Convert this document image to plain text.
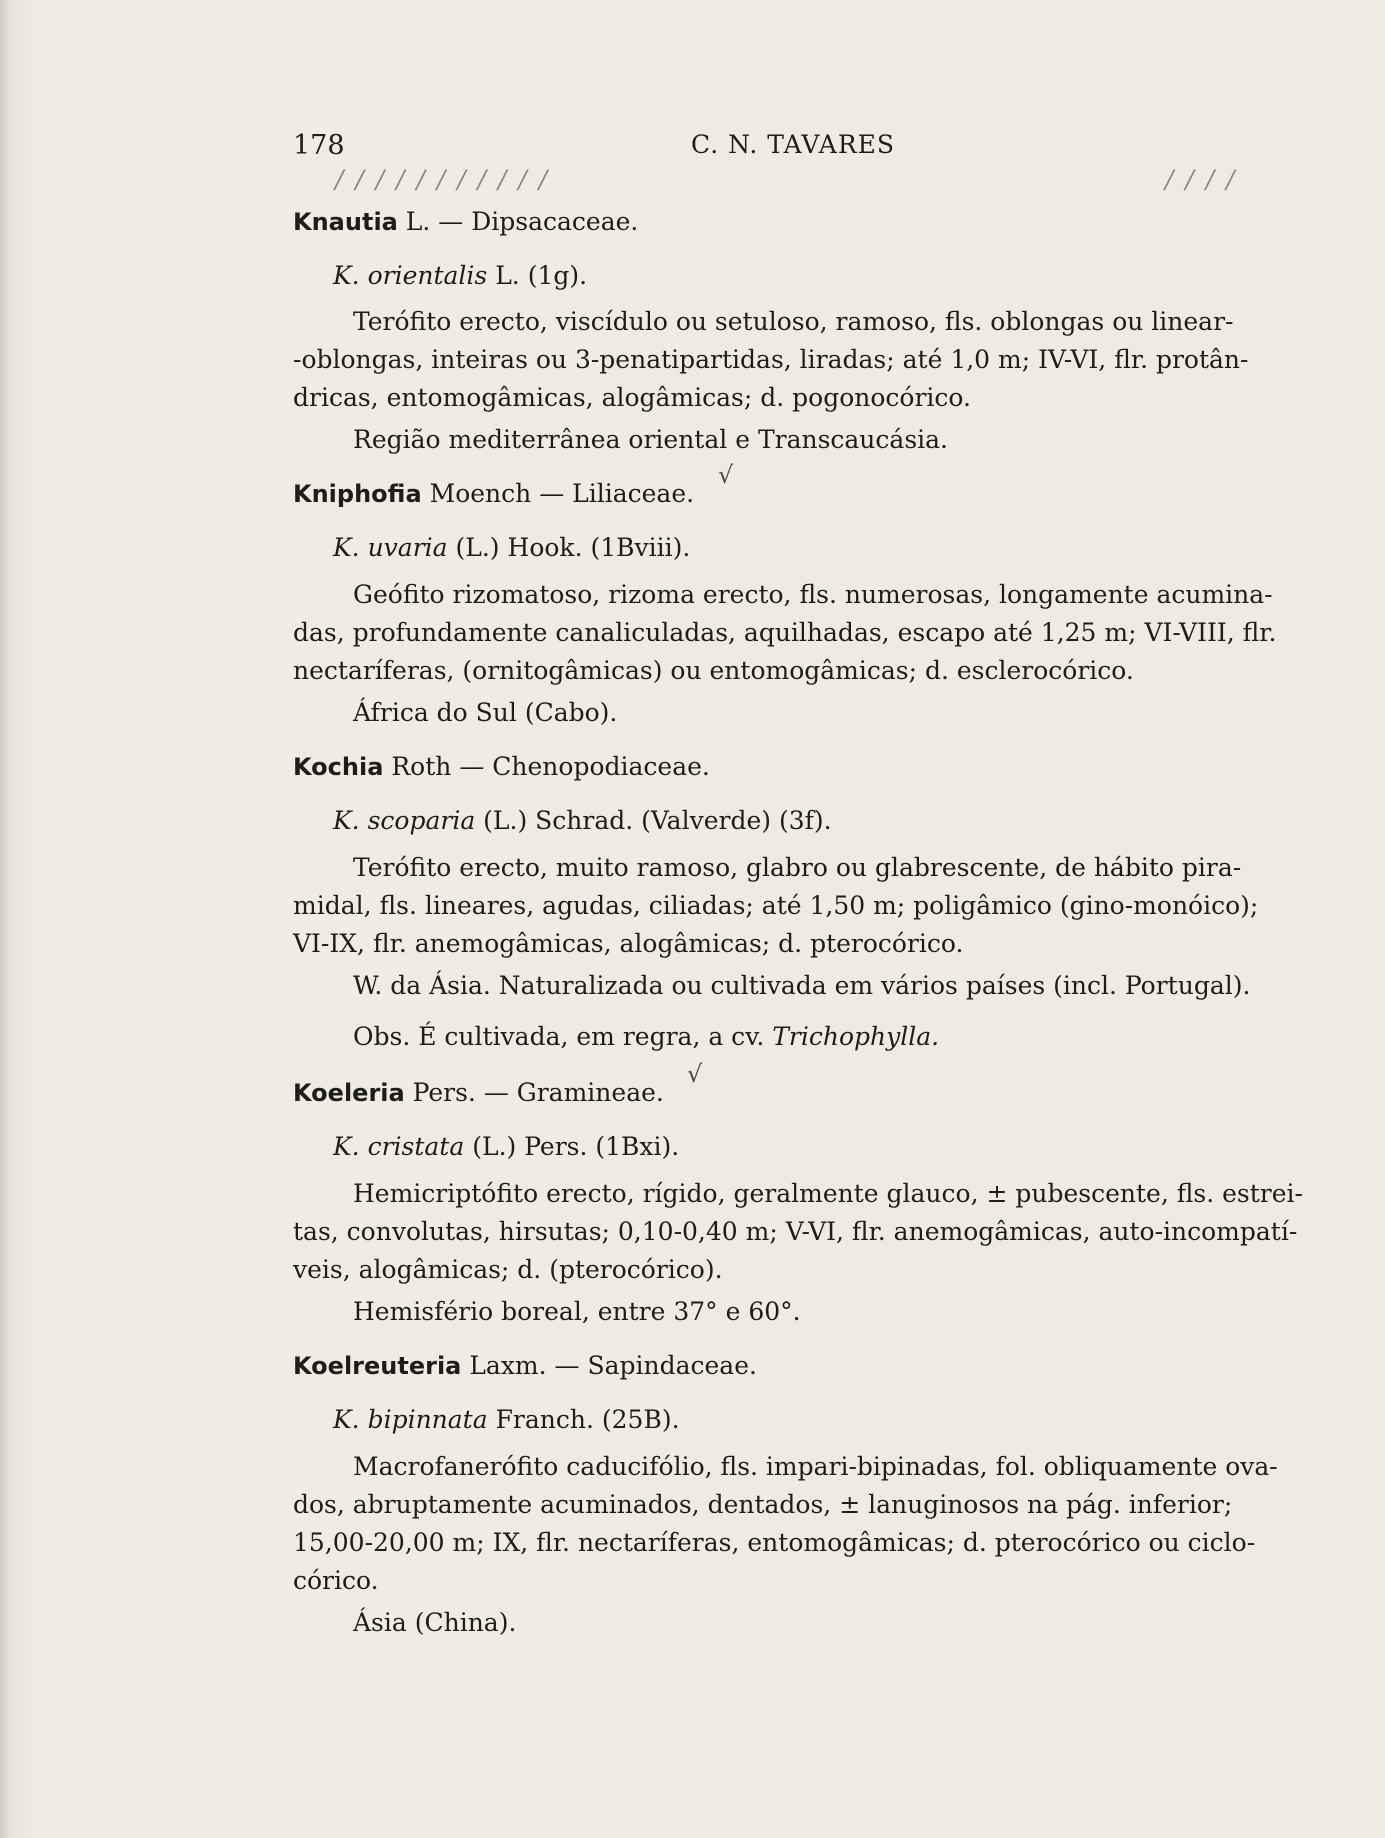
178	C. N. TAVARES
/ / / / / / / / / / /	/ / / /
Knautia L. — Dipsacaceae.
K. orientalis L. (1g).
Terófito erecto, viscídulo ou setuloso, ramoso, fls. oblongas ou linear-
-oblongas, inteiras ou 3-penatipartidas, liradas; até 1,0 m; IV-VI, flr. protân-
dricas, entomogâmicas, alogâmicas; d. pogonocórico.
Região mediterrânea oriental e Transcaucásia.
Kniphofia Moench — Liliaceae.
√
K. uvaria (L.) Hook. (1Bviii).
Geófito rizomatoso, rizoma erecto, fls. numerosas, longamente acumina-
das, profundamente canaliculadas, aquilhadas, escapo até 1,25 m; VI-VIII, flr.
nectaríferas, (ornitogâmicas) ou entomogâmicas; d. esclerocórico.
África do Sul (Cabo).
Kochia Roth — Chenopodiaceae.
K. scoparia (L.) Schrad. (Valverde) (3f).
Terófito erecto, muito ramoso, glabro ou glabrescente, de hábito pira-
midal, fls. lineares, agudas, ciliadas; até 1,50 m; poligâmico (gino-monóico);
VI-IX, flr. anemogâmicas, alogâmicas; d. pterocórico.
W. da Ásia. Naturalizada ou cultivada em vários países (incl. Portugal).
Obs. É cultivada, em regra, a cv. Trichophylla.
Koeleria Pers. — Gramineae.
√
K. cristata (L.) Pers. (1Bxi).
Hemicriptófito erecto, rígido, geralmente glauco, ± pubescente, fls. estrei-
tas, convolutas, hirsutas; 0,10-0,40 m; V-VI, flr. anemogâmicas, auto-incompatí-
veis, alogâmicas; d. (pterocórico).
Hemisfério boreal, entre 37° e 60°.
Koelreuteria Laxm. — Sapindaceae.
K. bipinnata Franch. (25B).
Macrofanerófito caducifólio, fls. impari-bipinadas, fol. obliquamente ova-
dos, abruptamente acuminados, dentados, ± lanuginosos na pág. inferior;
15,00-20,00 m; IX, flr. nectaríferas, entomogâmicas; d. pterocórico ou ciclo-
córico.
Ásia (China).
